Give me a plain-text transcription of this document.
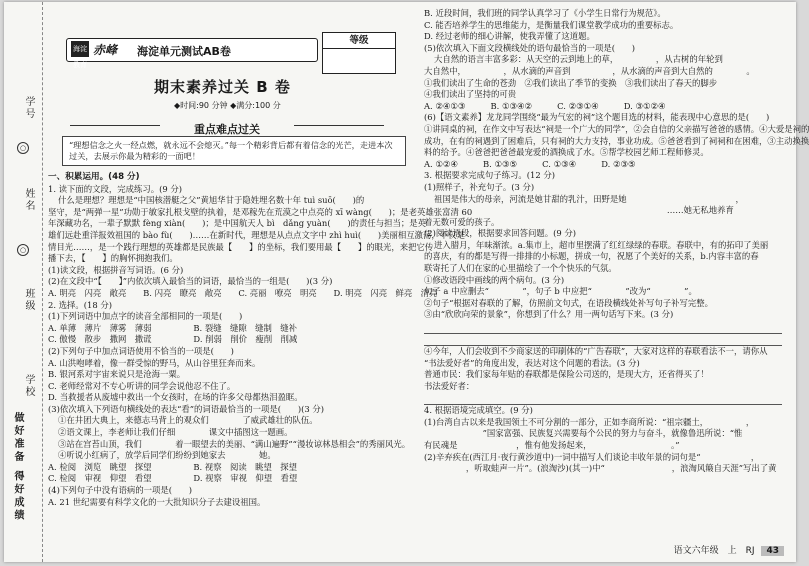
学号
○
姓名
○
班级
学校
做好准备 得好成绩
海淀教育
赤峰 海淀单元测试AB卷
等级
期末素养过关 B 卷
◆时间:90 分钟 ◆满分:100 分
重点难点过关
“理想信念之火一经点燃，就永远不会熄灭。”每一个精彩背后都有着信念的光芒，走进本次过关，去展示你最为精彩的一面吧！
一、积累运用。(48 分)
1. 读下面的文段，完成练习。(9 分)
什么是理想？理想是“中国核潜艇之父”黄旭华甘于隐姓埋名数十年 tuì suō(　　)的
坚守，是“两弹一星”功勋于敏家扎根戈壁的执着，是邓稼先在荒漠之中点亮的 xī wàng(　　)；是老英雄张富清 60
年深藏功名，一辈子默默 fèng xiàn(　　)；是中国航天人 bì　dǎng yuàn(　　)的责任与担当；是英
雄们远赴重洋报效祖国的 bào fù(　　)……在新时代，理想是从点点文字中 zhì huì(　　)美丽相互激荡，不仅是
情目光……，是一个践行理想的英雄都是民族最【　　】的坐标，我们要用最【　　】的眼光，来把它传
播下去，【　　】的胸怀拥抱我们。
(1)读文段，根据拼音写词语。(6 分)
(2)在文段中“【　　】”内依次填入最恰当的词语，最恰当的一组是(　　)(3 分)
A. 明亮　闪亮　敞亮　　B. 闪亮　瞭亮　敞亮　　C. 亮丽　嘹亮　明亮　　D. 明亮　闪亮　鲜亮　清亮
2. 选择。(18 分)
(1)下列词语中加点字的读音全部相同的一项是(　　)
A. 单薄　薄片　薄雾　薄弱　　　　　B. 裂缝　缝隙　缝制　缝补
C. 傲慢　散步　撒网　撒谎　　　　　D. 削弱　削价　瘦削　削减
(2)下列句子中加点词语使用不恰当的一项是(　　)
A. 山洪咆哮着，像一群受惊的野马，从山谷里狂奔而来。
B. 银河系对宇宙来说只是沧海一粟。
C. 老师经常对不专心听讲的同学会说他忍不住了。
D. 当救援者从废墟中救出一个女孩时，在场的许多父母都热泪盈眶。
(3)依次填入下列语句横线处的表达“看”的词语最恰当的一项是(　　)(3 分)
①在井团大典上，来德志马背上的观众们　　　　了威武雄壮的队伍。
②语文课上，李老师让我们仔细　　　　课文中插图这一题画。
③站在宫苔山顶，我们　　　　着一眼望去的美丽、“满山遍野”“漫妆谅林恳相会”的秀丽风光。
④听说小红病了，放学后同学们纷纷到她家去　　　　她。
A. 检阅　浏览　眺望　探望　　　　　B. 视察　阅读　眺望　探望
C. 检阅　审视　仰望　看望　　　　　D. 视察　审视　仰望　看望
(4)下列句子中没有语病的一项是(　　)
A. 21 世纪需要有科学文化的一大批知识分子去建设祖国。
B. 近段时间，我们班的同学认真学习了《小学生日常行为规范》。
C. 能否培养学生的思维能力，是衡量我们课堂教学成功的重要标志。
D. 经过老师的细心讲解，使我弄懂了这道题。
(5)依次填入下面文段横线处的语句最恰当的一项是(　　)
大自然的语言丰富多彩：从天空的云到地上的草，　　　　　，从古树的年轮到　　　　
大自然中，　　　　　，从水滴的声音到　　　　　，从水滴的声音到大自然的　　　　。
①我们读出了生命的苍劲　②我们读出了季节的变换　③我们读出了春天的脚步
④我们读出了坚持的可贵
A. ②④①③　　　B. ①③④②　　　C. ②③①④　　　D. ③①②④
(6)【语文素养】龙龙同学围绕“最为气宏的祠”这个题目选的材料，能表现中心意思的是(　　)
①讲同桌的祠，在作文中写表达“祠是一个广大的同学”，②会自信的父亲描写爸爸的感情。④大爱是祠的
成功，在有的祠遇到了困难后，只有祠的大力支持，事业功成。⑤爸爸看到了祠祠和在困难，③主动换换
料的给予。④爸爸把爸爸最宠爱的酒换成了水。⑤帮学校园艺师工程师修灵。
A. ①②④　　　B. ①③⑤　　　C. ①③④　　　D. ②③⑤
3. 根据要求完成句子练习。(12 分)
(1)照样子，补充句子。(3 分)
祖国是伟大的母亲，河流是她甘甜的乳汁，田野是她　　　　　　　　　　　　　，
　　　　　　　　　　　　　　　　　　　　　　　　　　　　　……她无私地养育
着无数可爱的孩子。
(2)阅读语段，根据要求回答问题。(9 分)
进入腊月，年味渐浓。a.集市上，超市里摆满了红红绿绿的春联。春联中，有的拓印了美丽
的喜庆，有的都是写得一排排的小标题，拼成一句，祝愿了个美好的关系，b.内容丰富的春
联寄托了人们在家的心里描绘了一个个快乐的气氛。
①修改语段中画线的两个病句。(3 分)
句子 a 中应删去“　　　　”，句子 b 中应把“　　　　”改为“　　　　”。
②句子“根据对春联的了解，仿照前文句式，在语段横线处补写句子补写完整。
③由“欣欣向荣的景象”，你想到了什么？用一两句话写下来。(3 分)
④今年，人们会收到不少商家送的印刷体的“广告春联”，大家对这样的春联看法不一，请你从
“书法爱好者”的角度出发，表达对这个问题的看法。(3 分)
普通市民：我们家每年贴的春联都是保险公司送的，是现大方，还省得买了！
书法爱好者：
4. 根据语境完成填空。(9 分)
(1)台湾自古以来是我国领土不可分割的一部分，正如李商所说：“祖宗疆土，　　　　　，
　　　　　　　”国家富强、民族复兴需要每个公民的努力与奋斗，就像鲁迅所说：“惟
有民魂是　　　　　　　，惟有他发扬起来，　　　　　　　　　　。”
(2)辛弃疾在(西江月·夜行黄沙道中)一词中描写人们谈论丰收年景的词句是“　　　　　　，
　　　　　，听取蛙声一片”。(浪淘沙)(其一)中“　　　　　　　　，浪淘风簸自天涯”写出了黄
语文六年级　上　RJ 43
